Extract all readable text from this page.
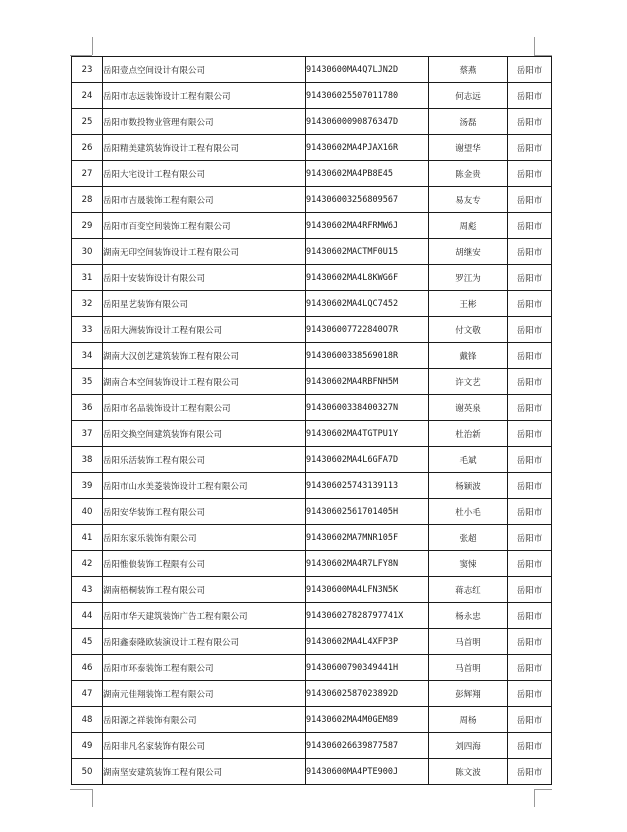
23	岳阳壹点空间设计有限公司	91430600MA4Q7LJN2D	蔡燕	岳阳市
24	岳阳市志远装饰设计工程有限公司	914306025507011780	何志远	岳阳市
25	岳阳市数投物业管理有限公司	91430600090876347D	汤磊	岳阳市
26	岳阳精美建筑装饰设计工程有限公司	91430602MA4PJAX16R	谢望华	岳阳市
27	岳阳大宅设计工程有限公司	91430602MA4PB8E45	陈金贵	岳阳市
28	岳阳市吉晟装饰工程有限公司	914306003256809567	易友专	岳阳市
29	岳阳市百变空间装饰工程有限公司	91430602MA4RFRMW6J	周彪	岳阳市
30	湖南无印空间装饰设计工程有限公司	91430602MACTMF0U15	胡继安	岳阳市
31	岳阳十安装饰设计有限公司	91430602MA4L8KWG6F	罗江为	岳阳市
32	岳阳星艺装饰有限公司	91430602MA4LQC7452	王彬	岳阳市
33	岳阳大洲装饰设计工程有限公司	914306007722840O7R	付文敬	岳阳市
34	湖南大汉创艺建筑装饰工程有限公司	91430600338569018R	戴锋	岳阳市
35	湖南合本空间装饰设计工程有限公司	91430602MA4RBFNH5M	许文艺	岳阳市
36	岳阳市名品装饰设计工程有限公司	91430600338400327N	谢英泉	岳阳市
37	岳阳交换空间建筑装饰有限公司	91430602MA4TGTPU1Y	杜治新	岳阳市
38	岳阳乐活装饰工程有限公司	91430602MA4L6GFA7D	毛斌	岳阳市
39	岳阳市山水美菱装饰设计工程有限公司	91430602574313911З	杨颖波	岳阳市
40	岳阳安华装饰工程有限公司	91430602561701405H	杜小毛	岳阳市
41	岳阳东家乐装饰有限公司	91430602MA7MNR105F	张超	岳阳市
42	岳阳惟俍装饰工程限有公司	91430602MA4R7LFY8N	窦悚	岳阳市
43	湖南梧桐装饰工程有限公司	91430600MA4LFN3N5K	蒋志红	岳阳市
44	岳阳市华天建筑装饰广告工程有限公司	914306027828797741X	杨永忠	岳阳市
45	岳阳鑫泰隆欧装演设计工程有限公司	91430602MA4L4XFP3P	马首明	岳阳市
46	岳阳市环泰装饰工程有限公司	91430600790349441H	马首明	岳阳市
47	湖南元佳翔装饰工程有限公司	91430602587023892D	彭辉翔	岳阳市
48	岳阳源之祥装饰有限公司	91430602MA4M0GEM89	周杨	岳阳市
49	岳阳非凡名家装饰有限公司	914306026639877587	刘四海	岳阳市
50	湖南坚安建筑装饰工程有限公司	91430600MA4PTE900J	陈文波	岳阳市
